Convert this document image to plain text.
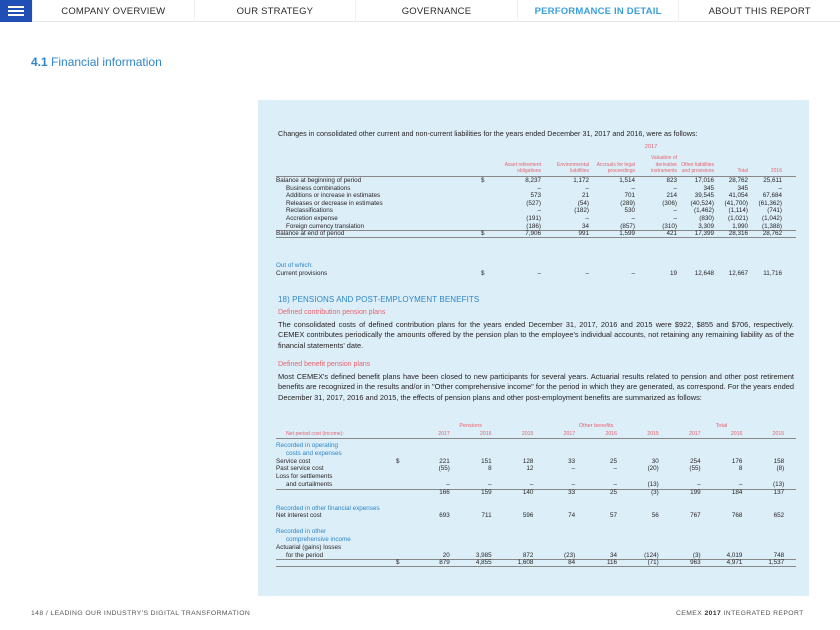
COMPANY OVERVIEW	OUR STRATEGY	GOVERNANCE	PERFORMANCE IN DETAIL	ABOUT THIS REPORT
4.1 Financial information
Changes in consolidated other current and non-current liabilities for the years ended December 31, 2017 and 2016, were as follows:
2017
Asset retirement obligations
Environmental liabilities
Accruals for legal proceedings
Valuation of derivative instruments
Other liabilities and provisions	Total	2016
Balance at beginning of period	$	8,237	1,172	1,514	823	17,016	28,762	25,611
Business combinations	–	–	–	–	345	345	–
Additions or increase in estimates	573	21	701	214	39,545	41,054	67,684
Releases or decrease in estimates	(527)	(54)	(289)	(306)	(40,524)	(41,700)	(61,362)
Reclassifications	–	(182)	530	–	(1,462)	(1,114)	(741)
Accretion expense	(191)	–	–	–	(830)	(1,021)	(1,042)
Foreign currency translation	(186)	34	(857)	(310)	3,309	1,990	(1,388)
Balance at end of period	$	7,906	991	1,599	421	17,399	28,316	28,762
Out of which:
Current provisions	$	–	–	–	19	12,648	12,667	11,716
18) PENSIONS AND POST-EMPLOYMENT BENEFITS
Defined contribution pension plans
The consolidated costs of defined contribution plans for the years ended December 31, 2017, 2016 and 2015 were $922, $855 and $706, respectively. CEMEX contributes periodically the amounts offered by the pension plan to the employee's individual accounts, not retaining any remaining liability as of the financial statements' date.
Defined benefit pension plans
Most CEMEX's defined benefit plans have been closed to new participants for several years. Actuarial results related to pension and other post retirement benefits are recognized in the results and/or in "Other comprehensive income" for the period in which they are generated, as correspond. For the years ended December 31, 2017, 2016 and 2015, the effects of pension plans and other post-employment benefits are summarized as follows:
Pensions	Other benefits	Total
Net period cost (income):	2017	2016	2015	2017	2016	2015	2017	2016	2015
Recorded in operating
costs and expenses
Service cost	$	221	151	128	33	25	30	254	176	158
Past service cost	(55)	8	12	–	–	(20)	(55)	8	(8)
Loss for settlements
and curtailments	–	–	–	–	–	(13)	–	–	(13)
166	159	140	33	25	(3)	199	184	137
Recorded in other financial expenses
Net interest cost	693	711	596	74	57	56	767	768	652
Recorded in other
comprehensive income
Actuarial (gains) losses
for the period	20	3,985	872	(23)	34	(124)	(3)	4,019	748
$	879	4,855	1,608	84	116	(71)	963	4,971	1,537
148 / LEADING OUR INDUSTRY'S DIGITAL TRANSFORMATION	CEMEX 2017 INTEGRATED REPORT
